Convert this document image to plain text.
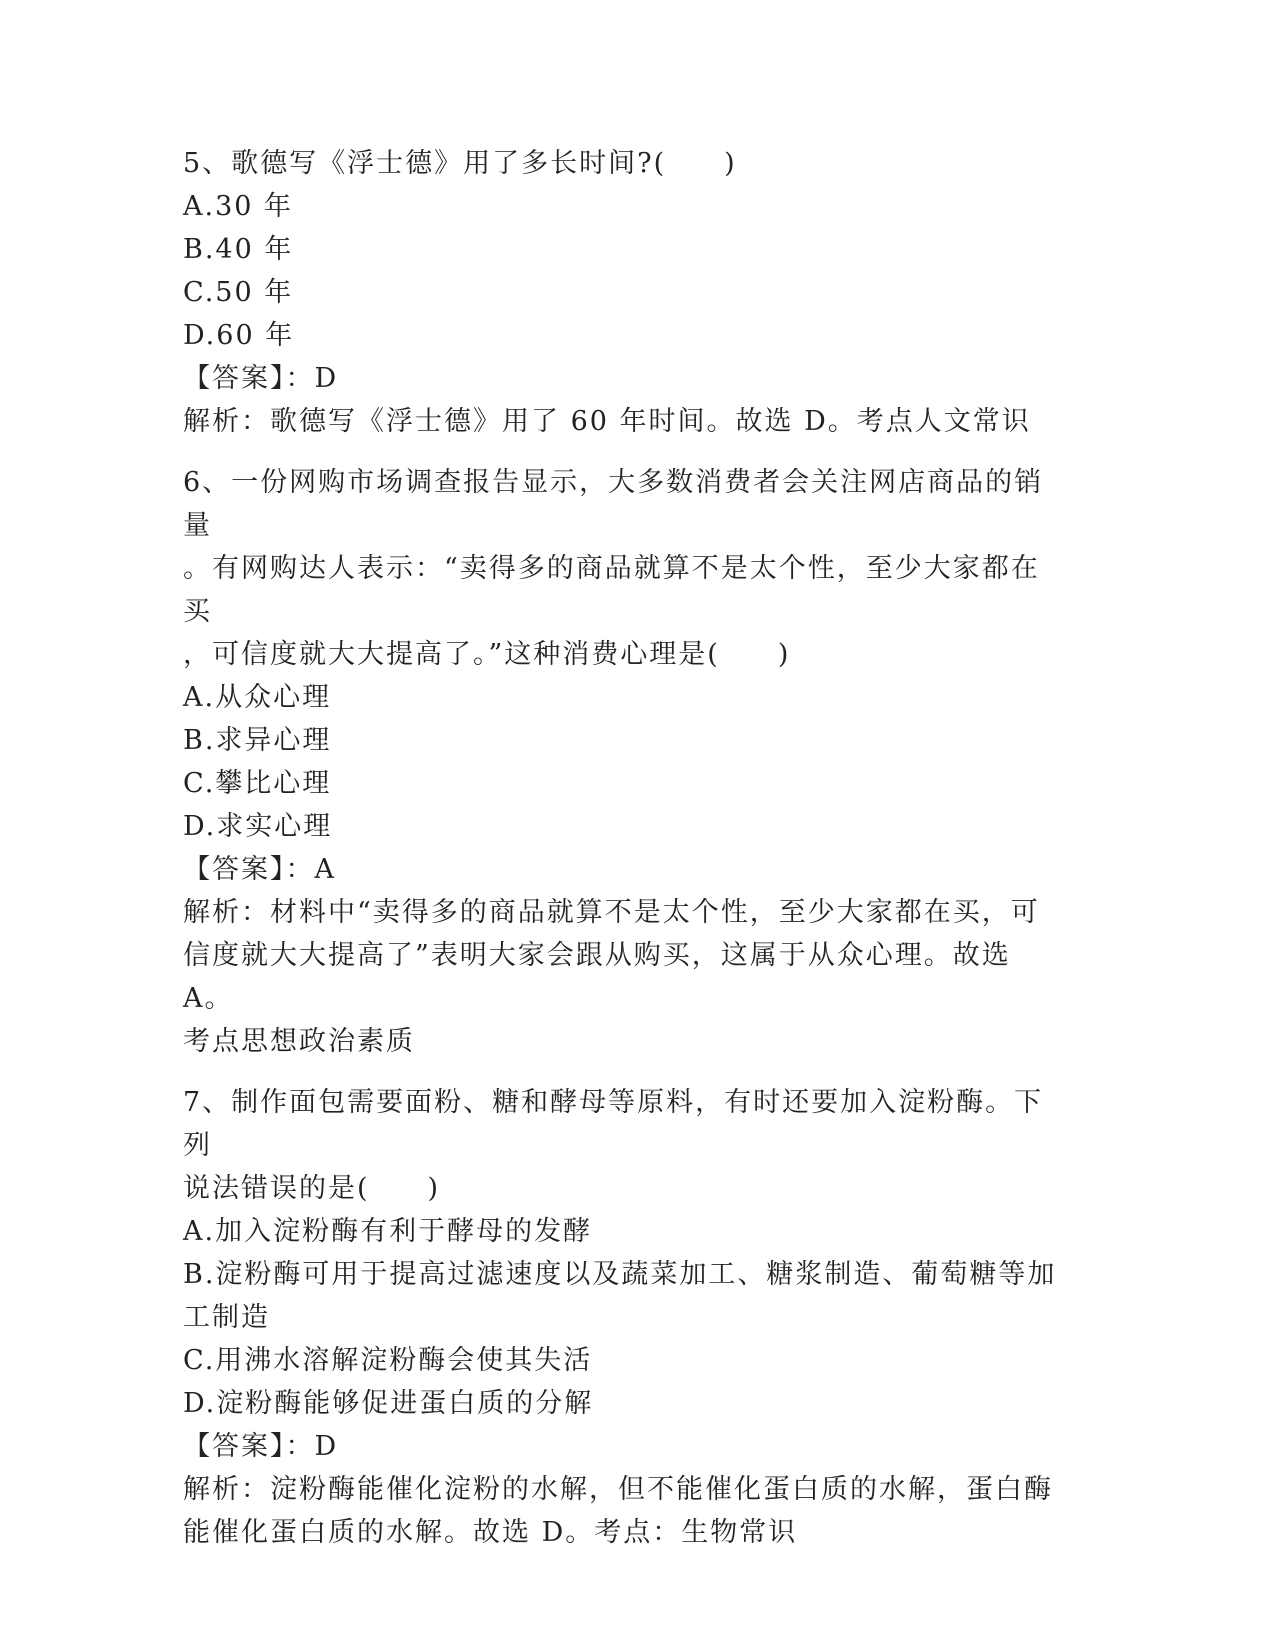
5、歌德写《浮士德》用了多长时间?(　　)

A.30 年

B.40 年

C.50 年

D.60 年

【答案】：D

解析：歌德写《浮士德》用了 60 年时间。故选 D。考点人文常识

6、一份网购市场调查报告显示，大多数消费者会关注网店商品的销量

。有网购达人表示：“卖得多的商品就算不是太个性，至少大家都在买

，可信度就大大提高了。”这种消费心理是(　　)

A.从众心理

B.求异心理

C.攀比心理

D.求实心理

【答案】：A

解析：材料中“卖得多的商品就算不是太个性，至少大家都在买，可

信度就大大提高了”表明大家会跟从购买，这属于从众心理。故选 A。

考点思想政治素质

7、制作面包需要面粉、糖和酵母等原料，有时还要加入淀粉酶。下列

说法错误的是(　　)

A.加入淀粉酶有利于酵母的发酵

B.淀粉酶可用于提高过滤速度以及蔬菜加工、糖浆制造、葡萄糖等加

工制造

C.用沸水溶解淀粉酶会使其失活

D.淀粉酶能够促进蛋白质的分解

【答案】：D

解析：淀粉酶能催化淀粉的水解，但不能催化蛋白质的水解，蛋白酶

能催化蛋白质的水解。故选 D。考点：生物常识
